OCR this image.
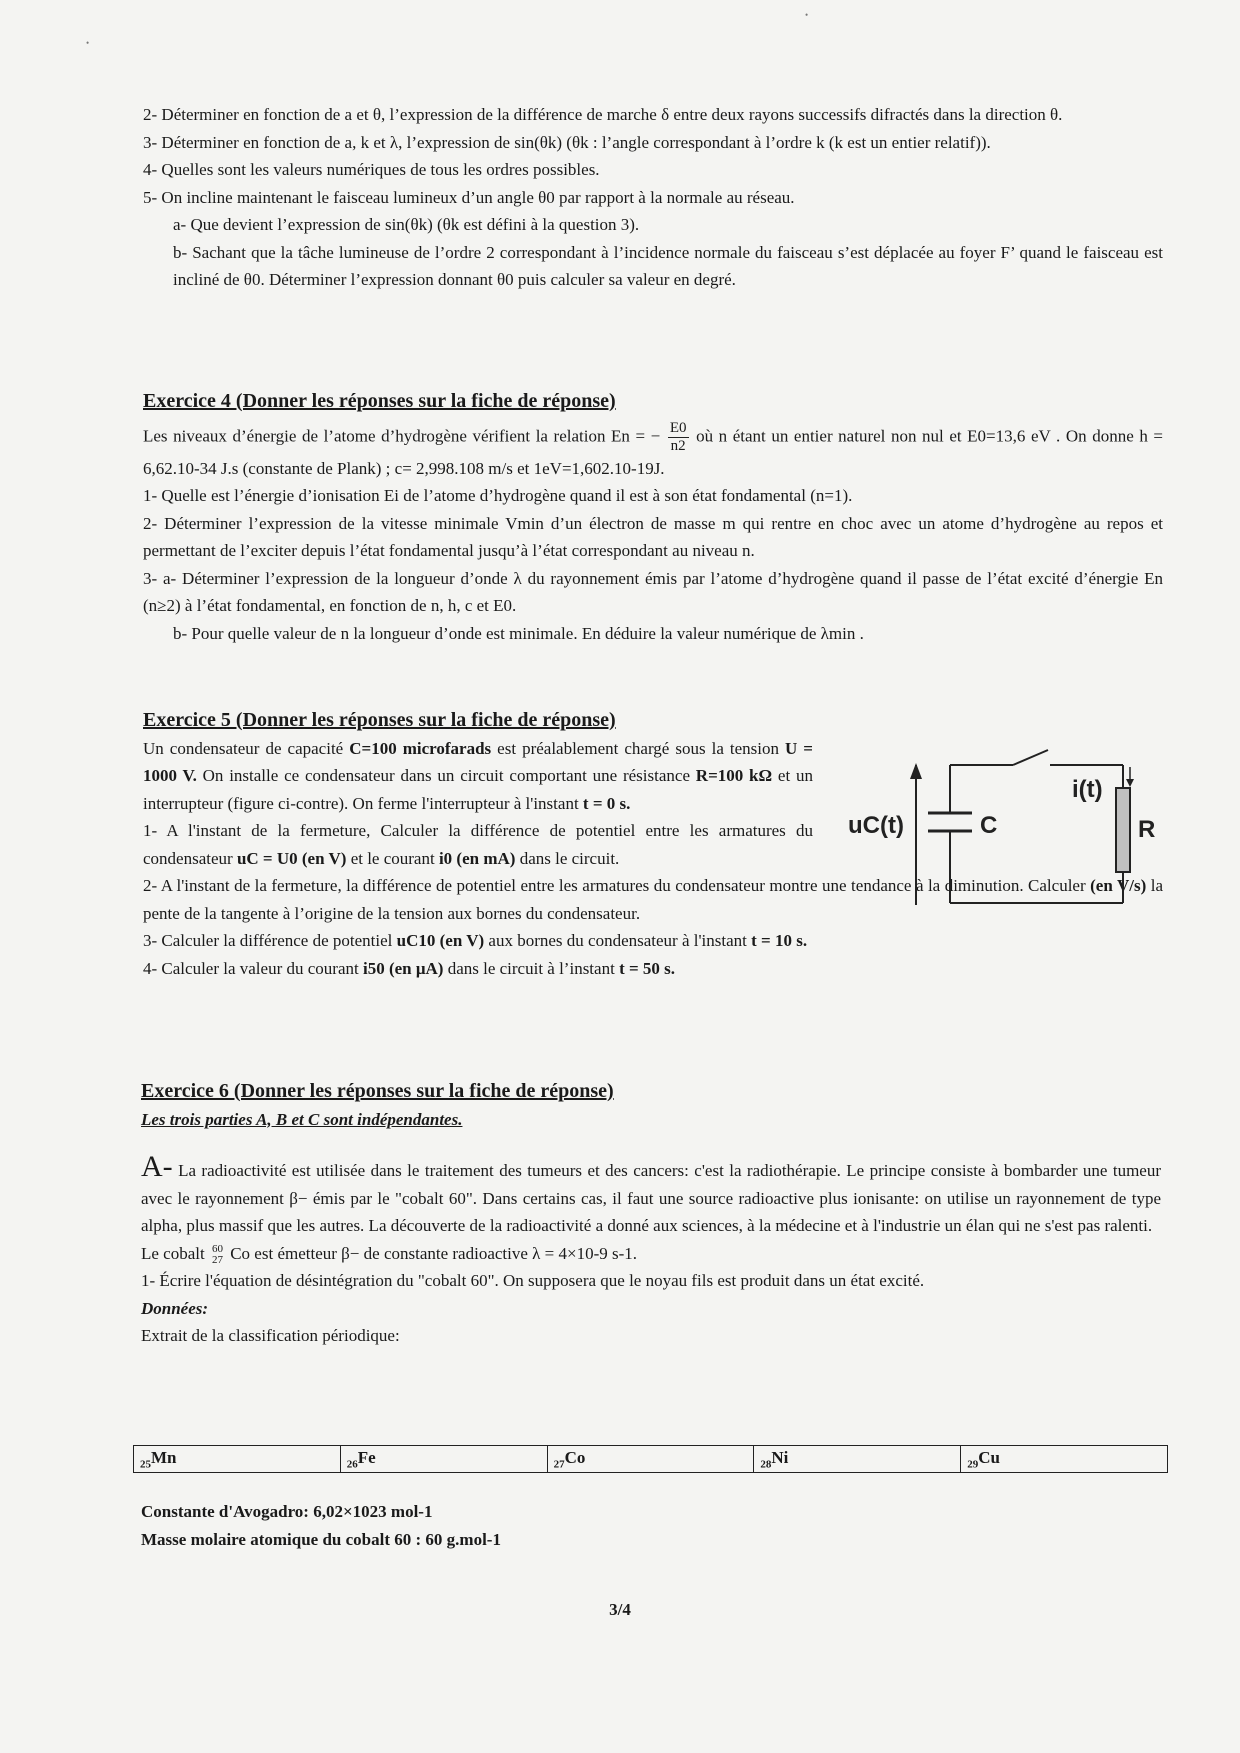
•
•

2- Déterminer en fonction de a et θ, l’expression de la différence de marche δ entre deux rayons successifs difractés dans la direction θ.

3- Déterminer en fonction de a, k et λ, l’expression de sin(θk) (θk : l’angle correspondant à l’ordre k (k est un entier relatif)).

4- Quelles sont les valeurs numériques de tous les ordres possibles.

5- On incline maintenant le faisceau lumineux d’un angle θ0 par rapport à la normale au réseau.

a- Que devient l’expression de sin(θk) (θk est défini à la question 3).

b- Sachant que la tâche lumineuse de l’ordre 2 correspondant à l’incidence normale du faisceau s’est déplacée au foyer F’ quand le faisceau est incliné de θ0. Déterminer l’expression donnant θ0 puis calculer sa valeur en degré.

Exercice 4 (Donner les réponses sur la fiche de réponse)

Les niveaux d’énergie de l’atome d’hydrogène vérifient la relation En = − $\frac{E0}{n2}$ où n étant un entier naturel non nul et E0=13,6 eV . On donne h = 6,62.10-34 J.s (constante de Plank) ; c= 2,998.108 m/s et 1eV=1,602.10-19J.

1- Quelle est l’énergie d’ionisation Ei de l’atome d’hydrogène quand il est à son état fondamental (n=1).

2- Déterminer l’expression de la vitesse minimale Vmin d’un électron de masse m qui rentre en choc avec un atome d’hydrogène au repos et permettant de l’exciter depuis l’état fondamental jusqu’à l’état correspondant au niveau n.

3- a- Déterminer l’expression de la longueur d’onde λ du rayonnement émis par l’atome d’hydrogène quand il passe de l’état excité d’énergie En (n≥2) à l’état fondamental, en fonction de n, h, c et E0.

b- Pour quelle valeur de n la longueur d’onde est minimale. En déduire la valeur numérique de λmin .

Exercice 5 (Donner les réponses sur la fiche de réponse)

Un condensateur de capacité C=100 microfarads est préalablement chargé sous la tension U = 1000 V. On installe ce condensateur dans un circuit comportant une résistance R=100 kΩ et un interrupteur (figure ci-contre). On ferme l'interrupteur à l'instant t = 0 s.

1- A l'instant de la fermeture, Calculer la différence de potentiel entre les armatures du condensateur uC = U0 (en V) et le courant i0 (en mA) dans le circuit.

2- A l'instant de la fermeture, la différence de potentiel entre les armatures du condensateur montre une tendance à la diminution. Calculer (en V/s) la pente de la tangente à l’origine de la tension aux bornes du condensateur.

3- Calculer la différence de potentiel uC10 (en V) aux bornes du condensateur à l'instant t = 10 s.

4- Calculer la valeur du courant i50 (en μA) dans le circuit à l’instant t = 50 s.

uC(t)	C	R
i(t)

Exercice 6 (Donner les réponses sur la fiche de réponse)

Les trois parties A, B et C sont indépendantes.

A- La radioactivité est utilisée dans le traitement des tumeurs et des cancers: c'est la radiothérapie. Le principe consiste à bombarder une tumeur avec le rayonnement β− émis par le "cobalt 60". Dans certains cas, il faut une source radioactive plus ionisante: on utilise un rayonnement de type alpha, plus massif que les autres. La découverte de la radioactivité a donné aux sciences, à la médecine et à l'industrie un élan qui ne s'est pas ralenti.

Le cobalt 60
27 Co est émetteur β− de constante radioactive λ = 4×10-9 s-1.

1- Écrire l'équation de désintégration du "cobalt 60". On supposera que le noyau fils est produit dans un état excité.

Données:

Extrait de la classification périodique:

$_{25}$Mn	$_{26}$Fe	$_{27}$Co	$_{28}$Ni	$_{29}$Cu

Constante d'Avogadro: 6,02×1023 mol-1

Masse molaire atomique du cobalt 60 : 60 g.mol-1

3/4
